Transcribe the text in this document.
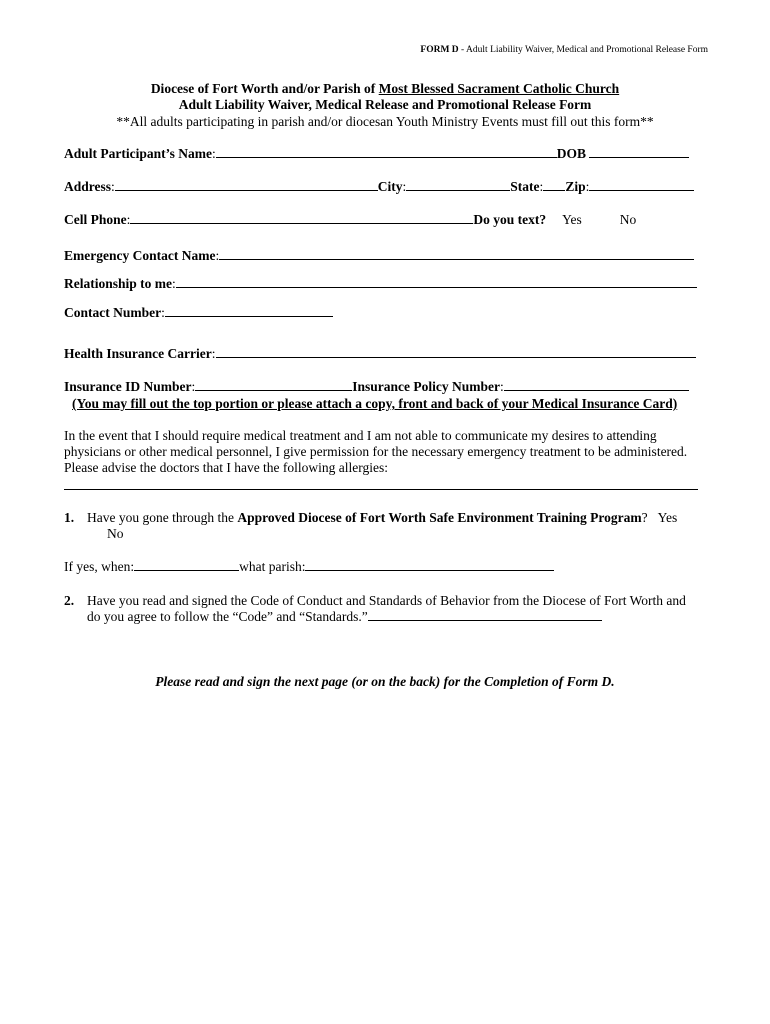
FORM D - Adult Liability Waiver, Medical and Promotional Release Form
Diocese of Fort Worth and/or Parish of Most Blessed Sacrament Catholic Church
Adult Liability Waiver, Medical Release and Promotional Release Form
**All adults participating in parish and/or diocesan Youth Ministry Events must fill out this form**
Adult Participant’s Name:	DOB
Address:	City:	State: Zip:
Cell Phone:	Do you text? Yes	No
Emergency Contact Name:
Relationship to me:
Contact Number:
Health Insurance Carrier:
Insurance ID Number:	Insurance Policy Number:
(You may fill out the top portion or please attach a copy, front and back of your Medical Insurance Card)
In the event that I should require medical treatment and I am not able to communicate my desires to attending physicians or other medical personnel, I give permission for the necessary emergency treatment to be administered. Please advise the doctors that I have the following allergies:
1. Have you gone through the Approved Diocese of Fort Worth Safe Environment Training Program? Yes
No
If yes, when:	what parish:
2. Have you read and signed the Code of Conduct and Standards of Behavior from the Diocese of Fort Worth and
do you agree to follow the “Code” and “Standards.”
Please read and sign the next page (or on the back) for the Completion of Form D.
